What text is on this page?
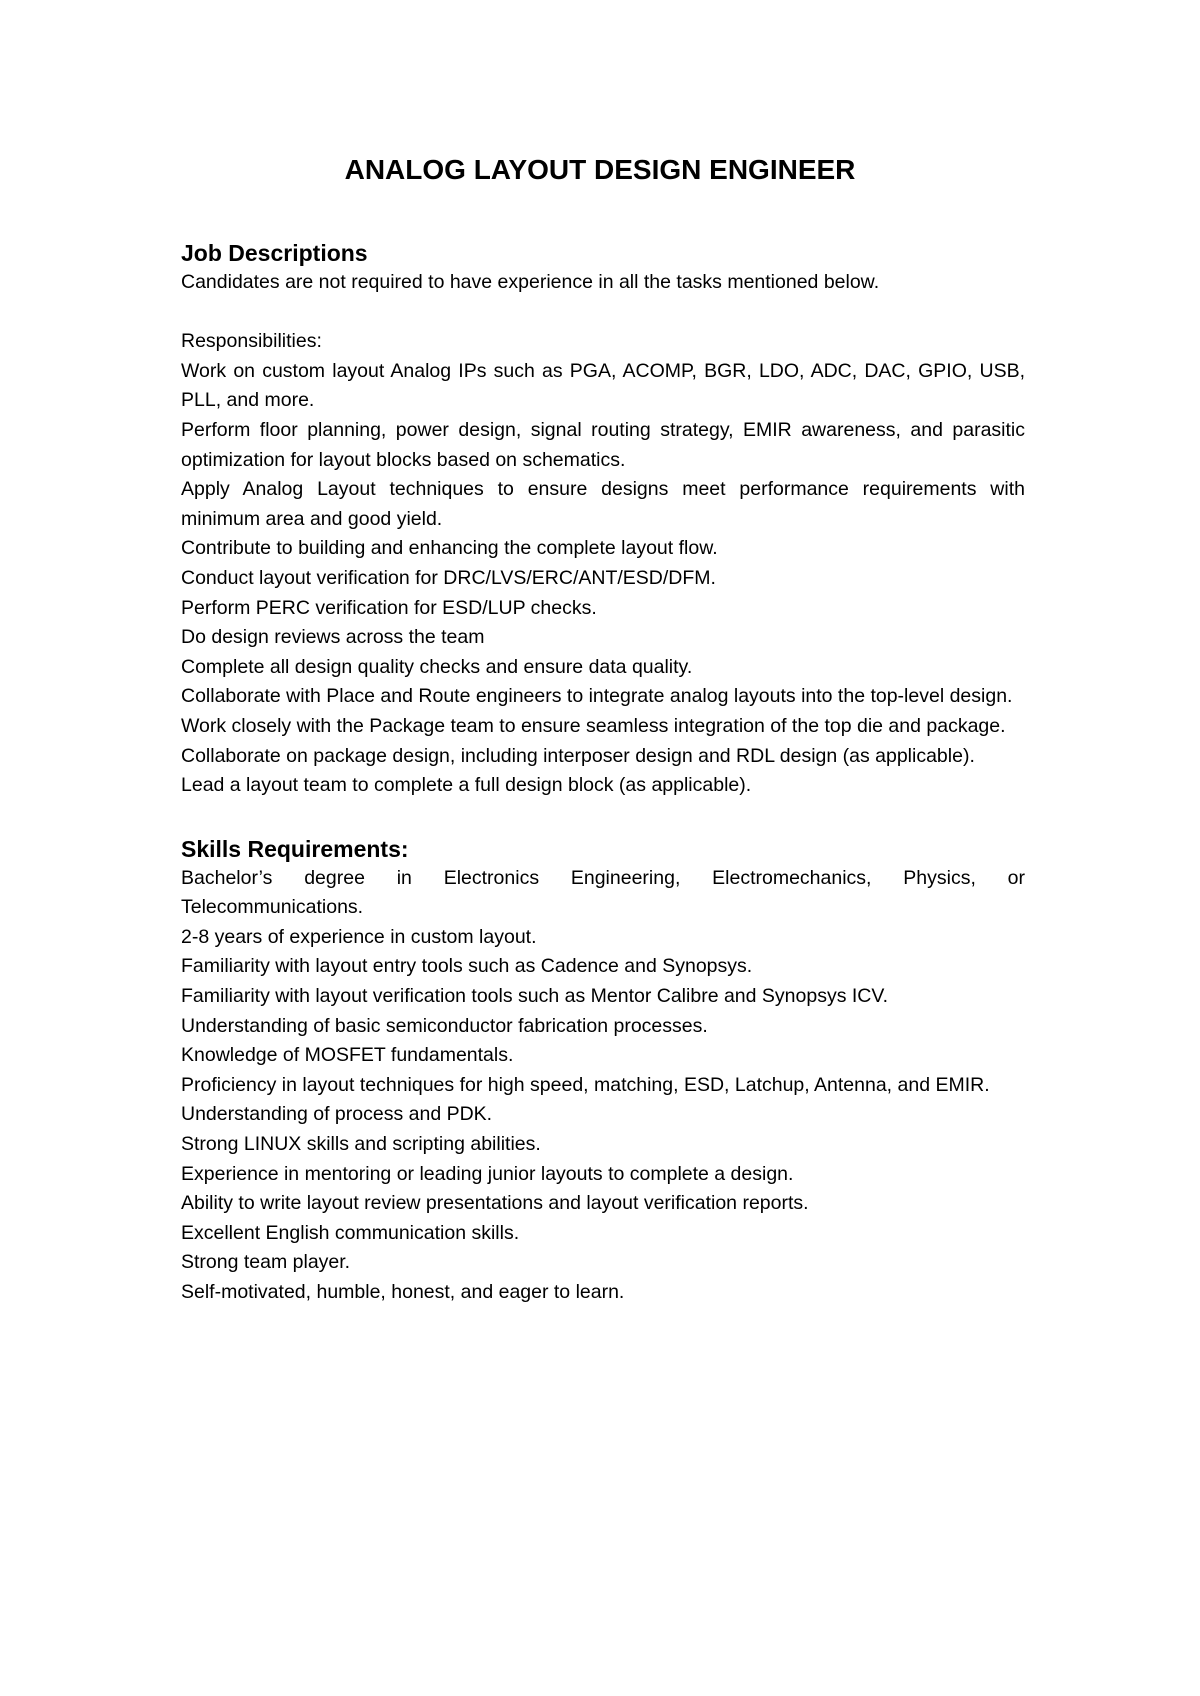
ANALOG LAYOUT DESIGN ENGINEER
Job Descriptions

Candidates are not required to have experience in all the tasks mentioned below.

Responsibilities:

Work on custom layout Analog IPs such as PGA, ACOMP, BGR, LDO, ADC, DAC, GPIO, USB, PLL, and more.

Perform floor planning, power design, signal routing strategy, EMIR awareness, and parasitic optimization for layout blocks based on schematics.

Apply Analog Layout techniques to ensure designs meet performance requirements with minimum area and good yield.

Contribute to building and enhancing the complete layout flow.

Conduct layout verification for DRC/LVS/ERC/ANT/ESD/DFM.

Perform PERC verification for ESD/LUP checks.

Do design reviews across the team

Complete all design quality checks and ensure data quality.

Collaborate with Place and Route engineers to integrate analog layouts into the top-level design.

Work closely with the Package team to ensure seamless integration of the top die and package.

Collaborate on package design, including interposer design and RDL design (as applicable).

Lead a layout team to complete a full design block (as applicable).

Skills Requirements:

Bachelor’s degree in Electronics Engineering, Electromechanics, Physics, or Telecommunications.

2-8 years of experience in custom layout.

Familiarity with layout entry tools such as Cadence and Synopsys.

Familiarity with layout verification tools such as Mentor Calibre and Synopsys ICV.

Understanding of basic semiconductor fabrication processes.

Knowledge of MOSFET fundamentals.

Proficiency in layout techniques for high speed, matching, ESD, Latchup, Antenna, and EMIR.

Understanding of process and PDK.

Strong LINUX skills and scripting abilities.

Experience in mentoring or leading junior layouts to complete a design.

Ability to write layout review presentations and layout verification reports.

Excellent English communication skills.

Strong team player.

Self-motivated, humble, honest, and eager to learn.
